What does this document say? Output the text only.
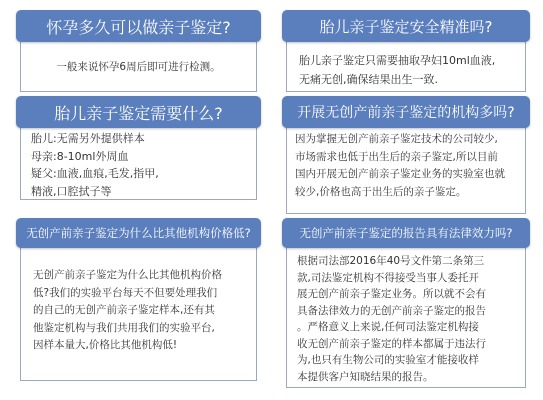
怀孕多久可以做亲子鉴定?

一般来说怀孕6周后即可进行检测。

胎儿亲子鉴定安全精准吗?

胎儿亲子鉴定只需要抽取孕妇10ml血液,

无痛无创,确保结果出生一致.

胎儿亲子鉴定需要什么?

胎儿:无需另外提供样本

母亲:8-10ml外周血

疑父:血液,血痕,毛发,指甲,

精液,口腔拭子等

开展无创产前亲子鉴定的机构多吗?

因为掌握无创产前亲子鉴定技术的公司较少,

市场需求也低于出生后的亲子鉴定,所以目前

国内开展无创产前亲子鉴定业务的实验室也就

较少,价格也高于出生后的亲子鉴定。

无创产前亲子鉴定为什么比其他机构价格低?

无创产前亲子鉴定为什么比其他机构价格

低?我们的实验平台每天不但要处理我们

的自己的无创产前亲子鉴定样本,还有其

他鉴定机构与我们共用我们的实验平台,

因样本量大,价格比其他机构低!

无创产前亲子鉴定的报告具有法律效力吗?

根据司法部2016年40号文件第二条第三

款,司法鉴定机构不得接受当事人委托开

展无创产前亲子鉴定业务。所以就不会有

具备法律效力的无创产前亲子鉴定的报告

。严格意义上来说,任何司法鉴定机构接

收无创产前亲子鉴定的样本都属于违法行

为,也只有生物公司的实验室才能接收样

本提供客户知晓结果的报告。
